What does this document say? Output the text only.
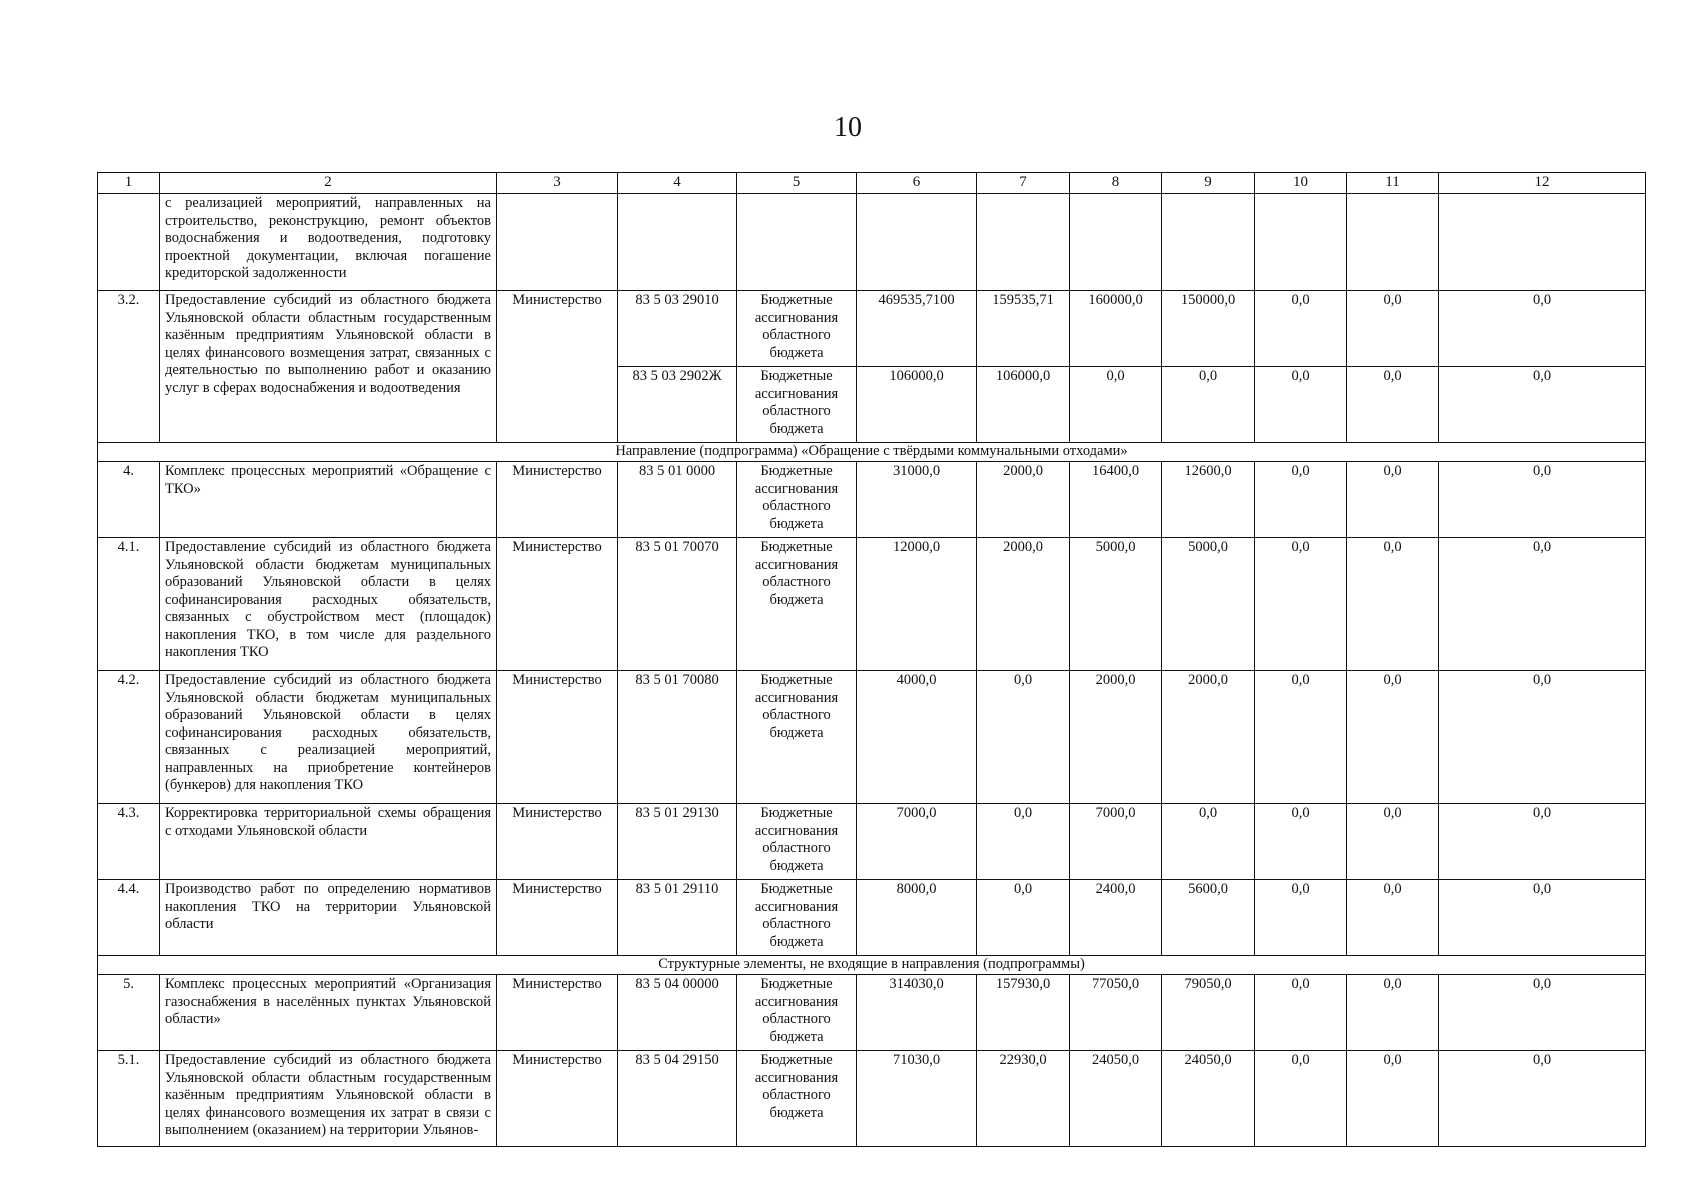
10
1	2	3	4	5	6	7	8	9	10	11	12
	с реализацией мероприятий, направленных на строительство, реконструкцию, ремонт объектов водоснабжения и водоотведения, подготовку проектной документации, включая погашение кредиторской задолженности										
3.2.	Предоставление субсидий из областного бюджета Ульяновской области областным государственным казённым предприятиям Ульяновской области в целях финансового возмещения затрат, связанных с деятельностью по выполнению работ и оказанию услуг в сферах водоснабжения и водоотведения	Министерство	83 5 03 29010	Бюджетные ассигнования областного бюджета	469535,7100	159535,71	160000,0	150000,0	0,0	0,0	0,0
			83 5 03 2902Ж	Бюджетные ассигнования областного бюджета	106000,0	106000,0	0,0	0,0	0,0	0,0	0,0
Направление (подпрограмма) «Обращение с твёрдыми коммунальными отходами»											
4.	Комплекс процессных мероприятий «Обращение с ТКО»	Министерство	83 5 01 0000	Бюджетные ассигнования областного бюджета	31000,0	2000,0	16400,0	12600,0	0,0	0,0	0,0
4.1.	Предоставление субсидий из областного бюджета Ульяновской области бюджетам муниципальных образований Ульяновской области в целях софинансирования расходных обязательств, связанных с обустройством мест (площадок) накопления ТКО, в том числе для раздельного накопления ТКО	Министерство	83 5 01 70070	Бюджетные ассигнования областного бюджета	12000,0	2000,0	5000,0	5000,0	0,0	0,0	0,0
4.2.	Предоставление субсидий из областного бюджета Ульяновской области бюджетам муниципальных образований Ульяновской области в целях софинансирования расходных обязательств, связанных с реализацией мероприятий, направленных на приобретение контейнеров (бункеров) для накопления ТКО	Министерство	83 5 01 70080	Бюджетные ассигнования областного бюджета	4000,0	0,0	2000,0	2000,0	0,0	0,0	0,0
4.3.	Корректировка территориальной схемы обращения с отходами Ульяновской области	Министерство	83 5 01 29130	Бюджетные ассигнования областного бюджета	7000,0	0,0	7000,0	0,0	0,0	0,0	0,0
4.4.	Производство работ по определению нормативов накопления ТКО на территории Ульяновской области	Министерство	83 5 01 29110	Бюджетные ассигнования областного бюджета	8000,0	0,0	2400,0	5600,0	0,0	0,0	0,0
Структурные элементы, не входящие в направления (подпрограммы)											
5.	Комплекс процессных мероприятий «Организация газоснабжения в населённых пунктах Ульяновской области»	Министерство	83 5 04 00000	Бюджетные ассигнования областного бюджета	314030,0	157930,0	77050,0	79050,0	0,0	0,0	0,0
5.1.	Предоставление субсидий из областного бюджета Ульяновской области областным государственным казённым предприятиям Ульяновской области в целях финансового возмещения их затрат в связи с выполнением (оказанием) на территории Ульянов-	Министерство	83 5 04 29150	Бюджетные ассигнования областного бюджета	71030,0	22930,0	24050,0	24050,0	0,0	0,0	0,0
